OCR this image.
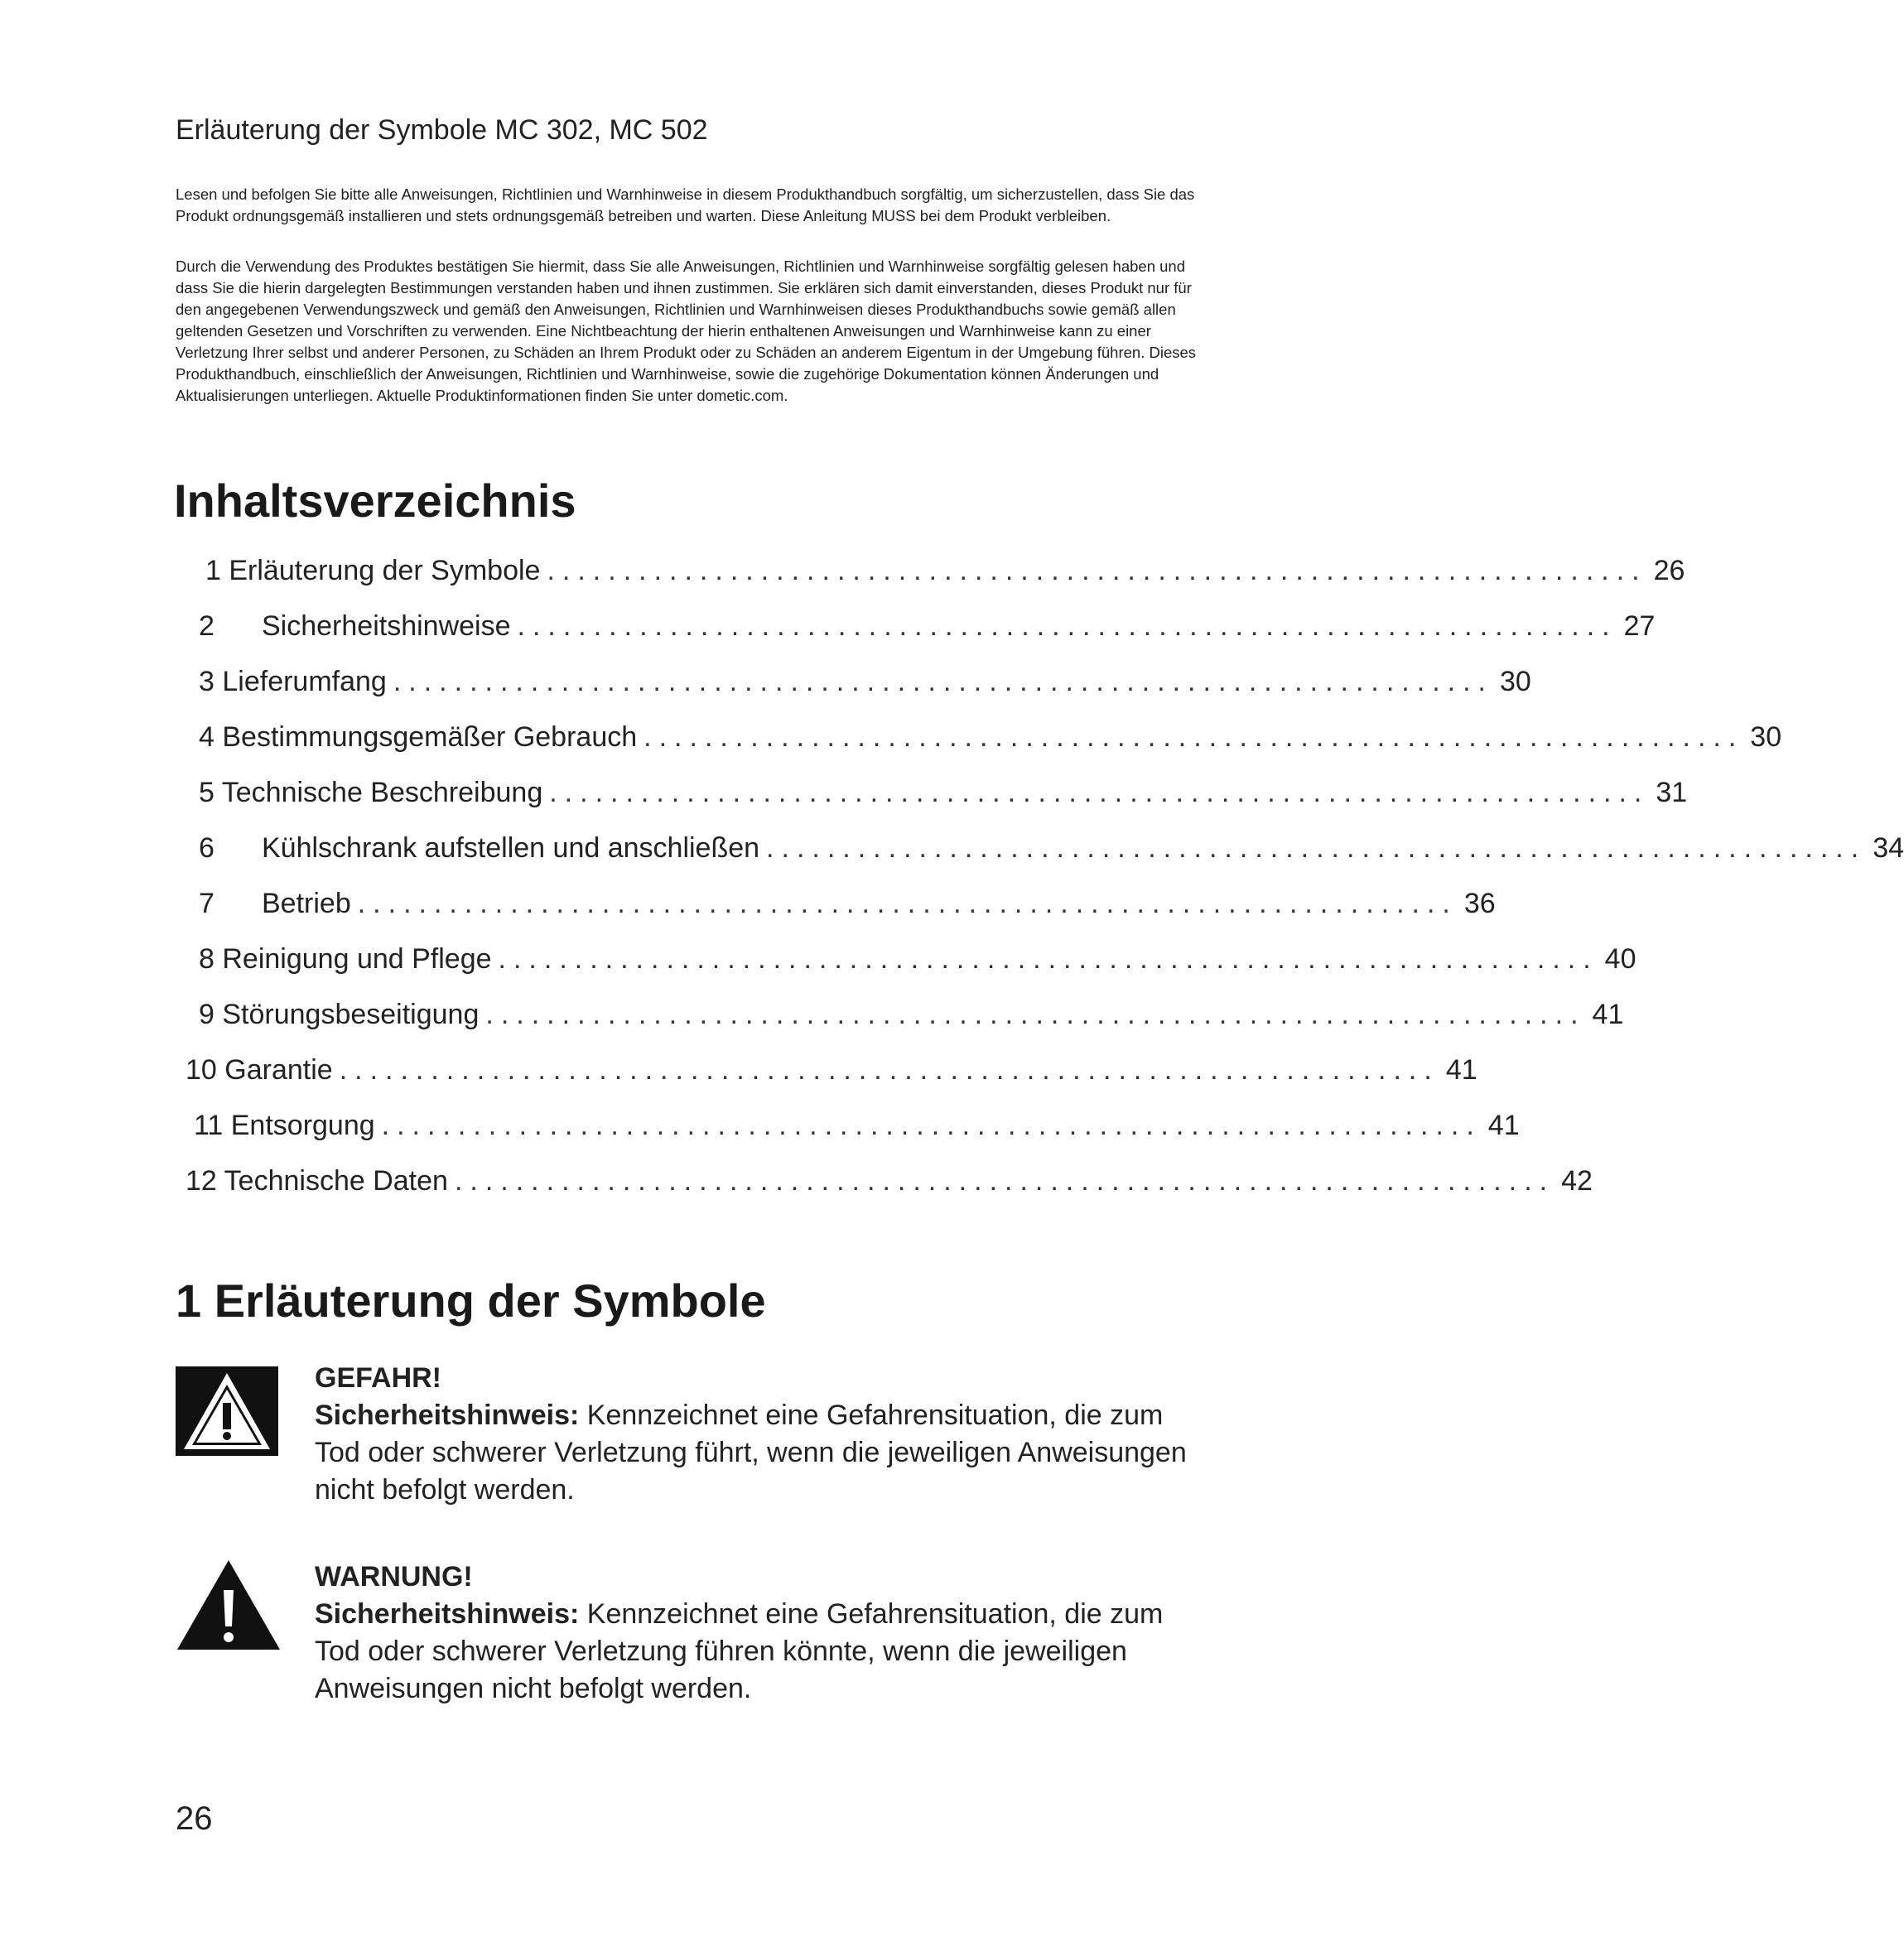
Erläuterung der Symbole MC 302, MC 502

Lesen und befolgen Sie bitte alle Anweisungen, Richtlinien und Warnhinweise in diesem Produkthandbuch sorgfältig, um sicherzustellen, dass Sie das Produkt ordnungsgemäß installieren und stets ordnungsgemäß betreiben und warten. Diese Anleitung MUSS bei dem Produkt verbleiben.

Durch die Verwendung des Produktes bestätigen Sie hiermit, dass Sie alle Anweisungen, Richtlinien und Warnhinweise sorgfältig gelesen haben und dass Sie die hierin dargelegten Bestimmungen verstanden haben und ihnen zustimmen. Sie erklären sich damit einverstanden, dieses Produkt nur für den angegebenen Verwendungszweck und gemäß den Anweisungen, Richtlinien und Warnhinweisen dieses Produkthandbuchs sowie gemäß allen geltenden Gesetzen und Vorschriften zu verwenden. Eine Nichtbeachtung der hierin enthaltenen Anweisungen und Warnhinweise kann zu einer Verletzung Ihrer selbst und anderer Personen, zu Schäden an Ihrem Produkt oder zu Schäden an anderem Eigentum in der Umgebung führen. Dieses Produkthandbuch, einschließlich der Anweisungen, Richtlinien und Warnhinweise, sowie die zugehörige Dokumentation können Änderungen und Aktualisierungen unterliegen. Aktuelle Produktinformationen finden Sie unter dometic.com.

Inhaltsverzeichnis
1 Erläuterung der Symbole ........................................................................ 26
2 Sicherheitshinweise ........................................................................ 27
3 Lieferumfang ........................................................................ 30
4 Bestimmungsgemäßer Gebrauch ........................................................................ 30
5 Technische Beschreibung ........................................................................ 31
6 Kühlschrank aufstellen und anschließen ........................................................................ 34
7 Betrieb ........................................................................ 36
8 Reinigung und Pflege ........................................................................ 40
9 Störungsbeseitigung ........................................................................ 41
10 Garantie ........................................................................ 41
11 Entsorgung ........................................................................ 41
12 Technische Daten ........................................................................ 42
1 Erläuterung der Symbole
GEFAHR!
Sicherheitshinweis: Kennzeichnet eine Gefahrensituation, die zum Tod oder schwerer Verletzung führt, wenn die jeweiligen Anweisungen nicht befolgt werden.
WARNUNG!
Sicherheitshinweis: Kennzeichnet eine Gefahrensituation, die zum Tod oder schwerer Verletzung führen könnte, wenn die jeweiligen Anweisungen nicht befolgt werden.
26
